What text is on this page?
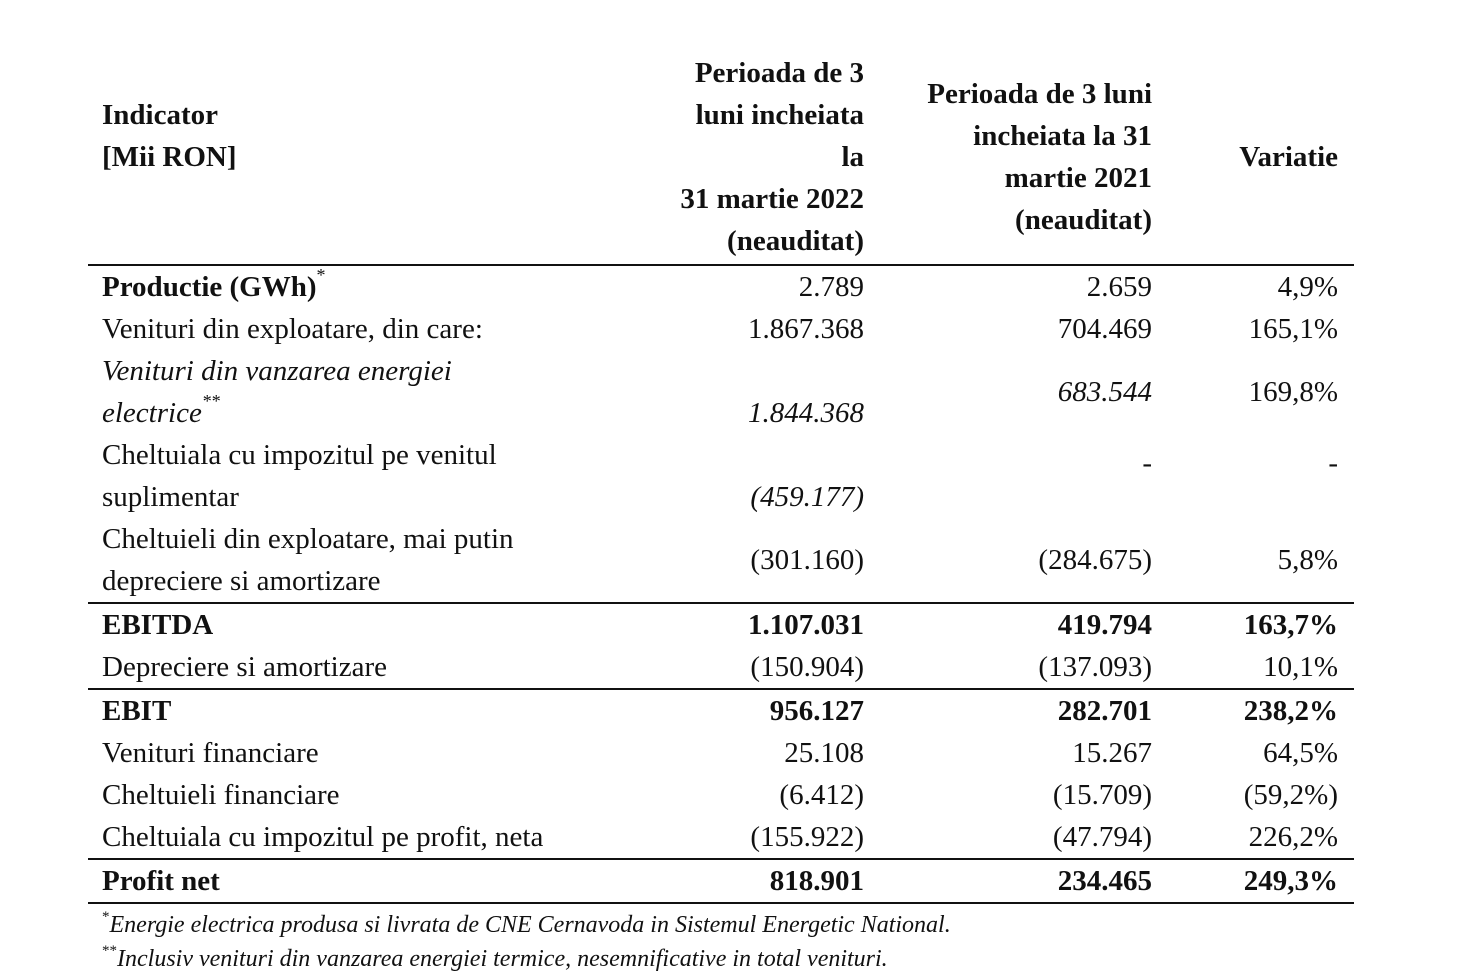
Indicator
[Mii RON]	Perioada de 3
luni incheiata la
31 martie 2022
(neauditat)	Perioada de 3 luni
incheiata la 31
martie 2021
(neauditat)	Variatie
Productie (GWh)*	2.789	2.659	4,9%
Venituri din exploatare, din care:	1.867.368	704.469	165,1%
Venituri din vanzarea energiei
electrice**	1.844.368	683.544	169,8%
Cheltuiala cu impozitul pe venitul
suplimentar	(459.177)	-	-
Cheltuieli din exploatare, mai putin
depreciere si amortizare	(301.160)	(284.675)	5,8%
EBITDA	1.107.031	419.794	163,7%
Depreciere si amortizare	(150.904)	(137.093)	10,1%
EBIT	956.127	282.701	238,2%
Venituri financiare	25.108	15.267	64,5%
Cheltuieli financiare	(6.412)	(15.709)	(59,2%)
Cheltuiala cu impozitul pe profit, neta	(155.922)	(47.794)	226,2%
Profit net	818.901	234.465	249,3%
*Energie electrica produsa si livrata de CNE Cernavoda in Sistemul Energetic National.
**Inclusiv venituri din vanzarea energiei termice, nesemnificative in total venituri.
